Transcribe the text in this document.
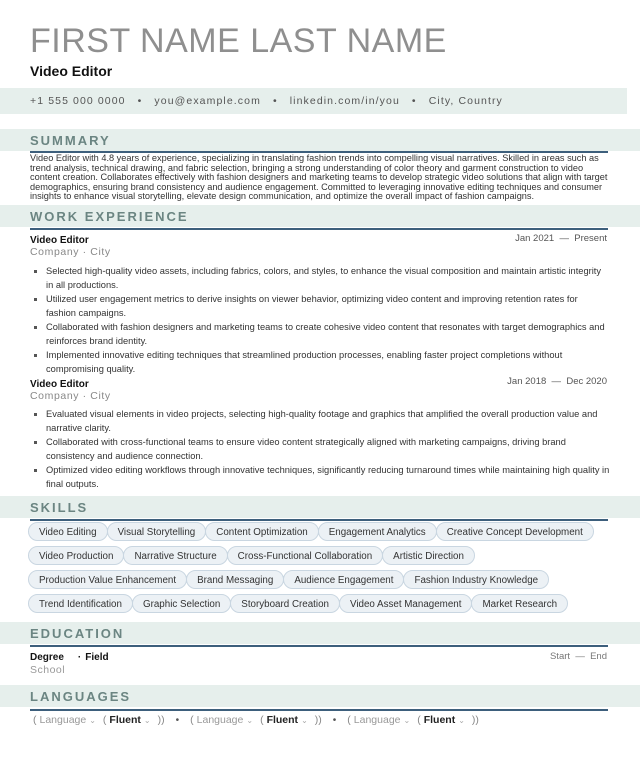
FIRST NAME LAST NAME
Video Editor
+1 555 000 0000 • you@example.com • linkedin.com/in/you • City, Country
SUMMARY
Video Editor with 4.8 years of experience, specializing in translating fashion trends into compelling visual narratives. Skilled in areas such as trend analysis, technical drawing, and fabric selection, bringing a strong understanding of color theory and garment construction to video content creation. Collaborates effectively with fashion designers and marketing teams to develop strategic video solutions that align with target demographics, ensuring brand consistency and audience engagement. Committed to leveraging innovative editing techniques and consumer insights to enhance visual storytelling, elevate design communication, and optimize the overall impact of fashion campaigns.
WORK EXPERIENCE
Video Editor	Jan 2021 — Present
Company · City
Selected high-quality video assets, including fabrics, colors, and styles, to enhance the visual composition and maintain artistic integrity in all productions.
Utilized user engagement metrics to derive insights on viewer behavior, optimizing video content and improving retention rates for fashion campaigns.
Collaborated with fashion designers and marketing teams to create cohesive video content that resonates with target demographics and reinforces brand identity.
Implemented innovative editing techniques that streamlined production processes, enabling faster project completions without compromising quality.
Video Editor	Jan 2018 — Dec 2020
Company · City
Evaluated visual elements in video projects, selecting high-quality footage and graphics that amplified the overall production value and narrative clarity.
Collaborated with cross-functional teams to ensure video content strategically aligned with marketing campaigns, driving brand consistency and audience connection.
Optimized video editing workflows through innovative techniques, significantly reducing turnaround times while maintaining high quality in final outputs.
SKILLS
Video Editing	Visual Storytelling	Content Optimization	Engagement Analytics	Creative Concept Development
Video Production	Narrative Structure	Cross-Functional Collaboration	Artistic Direction
Production Value Enhancement	Brand Messaging	Audience Engagement	Fashion Industry Knowledge
Trend Identification	Graphic Selection	Storyboard Creation	Video Asset Management	Market Research
EDUCATION
Degree · Field	Start — End
School
LANGUAGES
( Language ⌄ ( Fluent ⌄ )) • ( Language ⌄ ( Fluent ⌄ )) • ( Language ⌄ ( Fluent ⌄ ))
